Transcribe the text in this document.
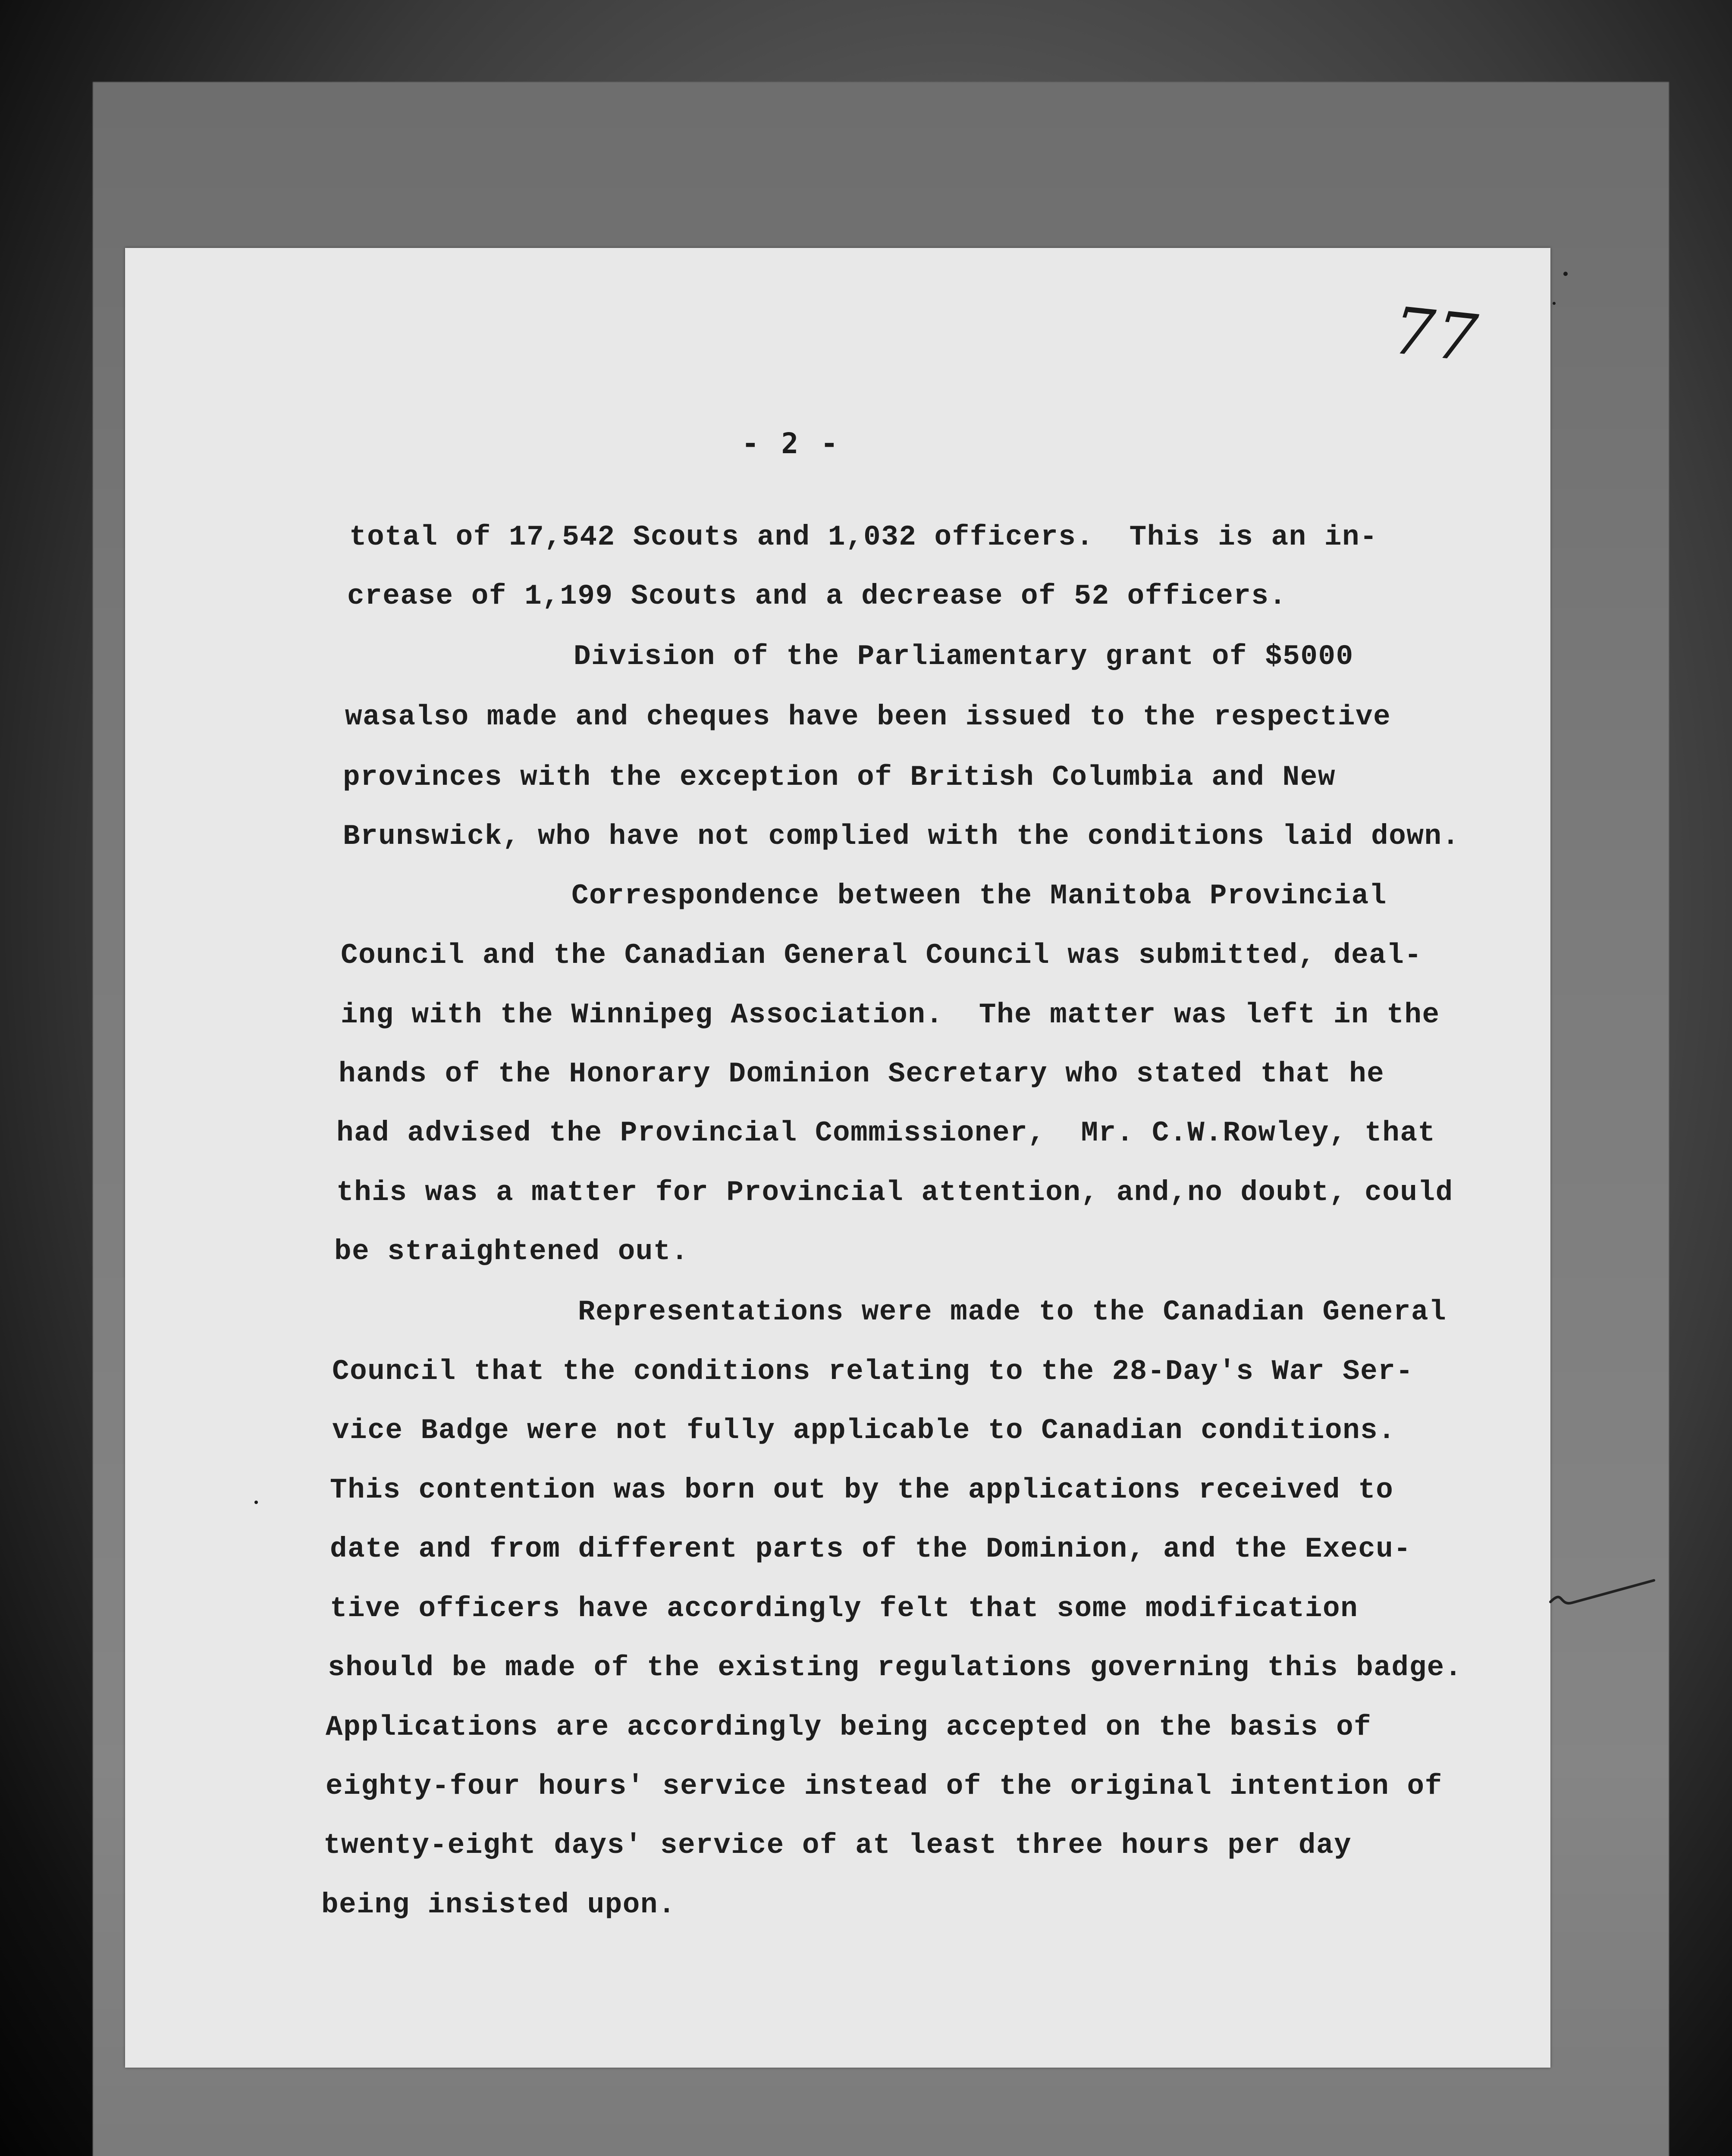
77
- 2 -
total of 17,542 Scouts and 1,032 officers.  This is an in-
crease of 1,199 Scouts and a decrease of 52 officers.
Division of the Parliamentary grant of $5000
wasalso made and cheques have been issued to the respective
provinces with the exception of British Columbia and New
Brunswick, who have not complied with the conditions laid down.
Correspondence between the Manitoba Provincial
Council and the Canadian General Council was submitted, deal-
ing with the Winnipeg Association.  The matter was left in the
hands of the Honorary Dominion Secretary who stated that he
had advised the Provincial Commissioner,  Mr. C.W.Rowley, that
this was a matter for Provincial attention, and,no doubt, could
be straightened out.
Representations were made to the Canadian General
Council that the conditions relating to the 28-Day's War Ser-
vice Badge were not fully applicable to Canadian conditions.
This contention was born out by the applications received to
date and from different parts of the Dominion, and the Execu-
tive officers have accordingly felt that some modification
should be made of the existing regulations governing this badge.
Applications are accordingly being accepted on the basis of
eighty-four hours' service instead of the original intention of
twenty-eight days' service of at least three hours per day
being insisted upon.
